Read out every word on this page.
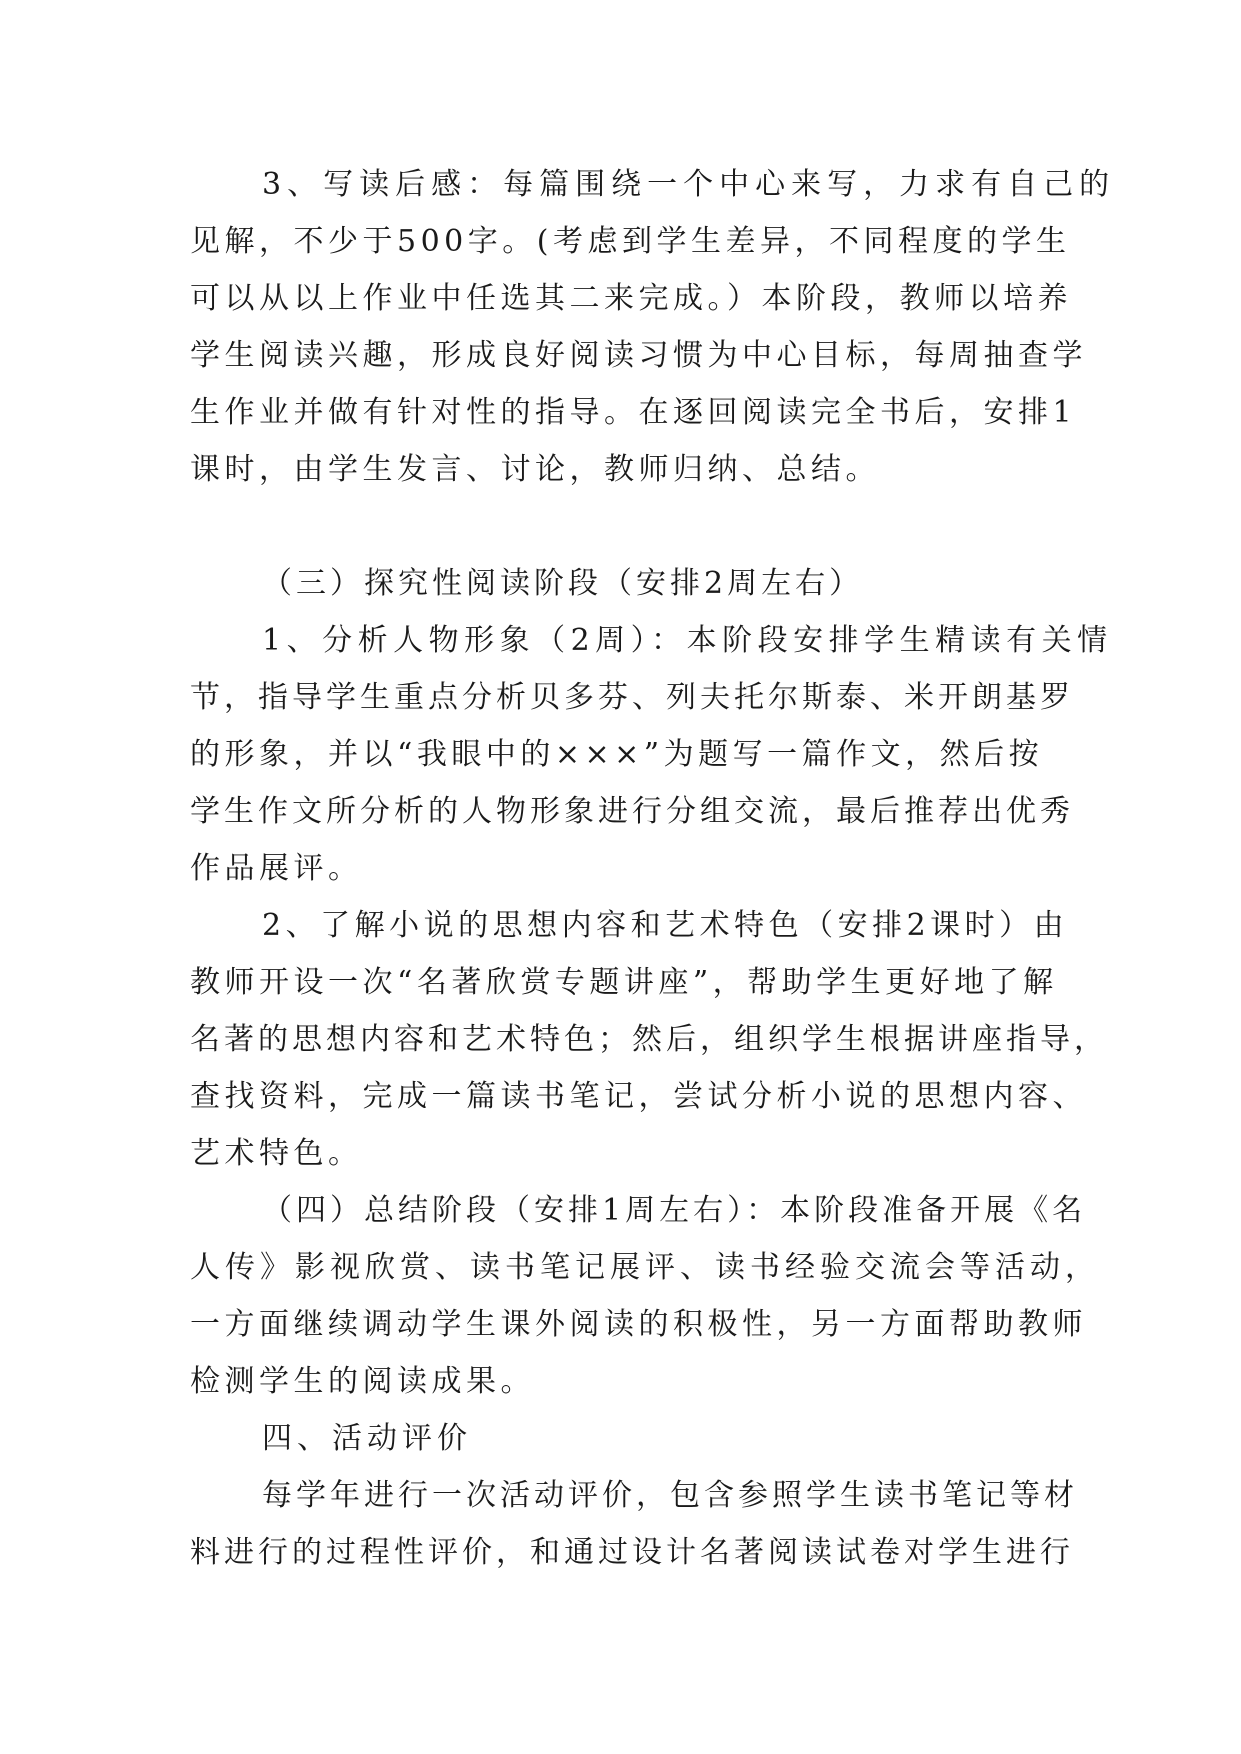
3、写读后感：每篇围绕一个中心来写，力求有自己的
见解，不少于500字。(考虑到学生差异，不同程度的学生
可以从以上作业中任选其二来完成。）本阶段，教师以培养
学生阅读兴趣，形成良好阅读习惯为中心目标，每周抽查学
生作业并做有针对性的指导。在逐回阅读完全书后，安排1
课时，由学生发言、讨论，教师归纳、总结。
（三）探究性阅读阶段（安排2周左右）
1、分析人物形象（2周）：本阶段安排学生精读有关情
节，指导学生重点分析贝多芬、列夫托尔斯泰、米开朗基罗
的形象，并以“我眼中的×××”为题写一篇作文，然后按
学生作文所分析的人物形象进行分组交流，最后推荐出优秀
作品展评。
2、了解小说的思想内容和艺术特色（安排2课时）由
教师开设一次“名著欣赏专题讲座”，帮助学生更好地了解
名著的思想内容和艺术特色；然后，组织学生根据讲座指导，
查找资料，完成一篇读书笔记，尝试分析小说的思想内容、
艺术特色。
（四）总结阶段（安排1周左右）：本阶段准备开展《名
人传》影视欣赏、读书笔记展评、读书经验交流会等活动，
一方面继续调动学生课外阅读的积极性，另一方面帮助教师
检测学生的阅读成果。
四、活动评价
每学年进行一次活动评价，包含参照学生读书笔记等材
料进行的过程性评价，和通过设计名著阅读试卷对学生进行
